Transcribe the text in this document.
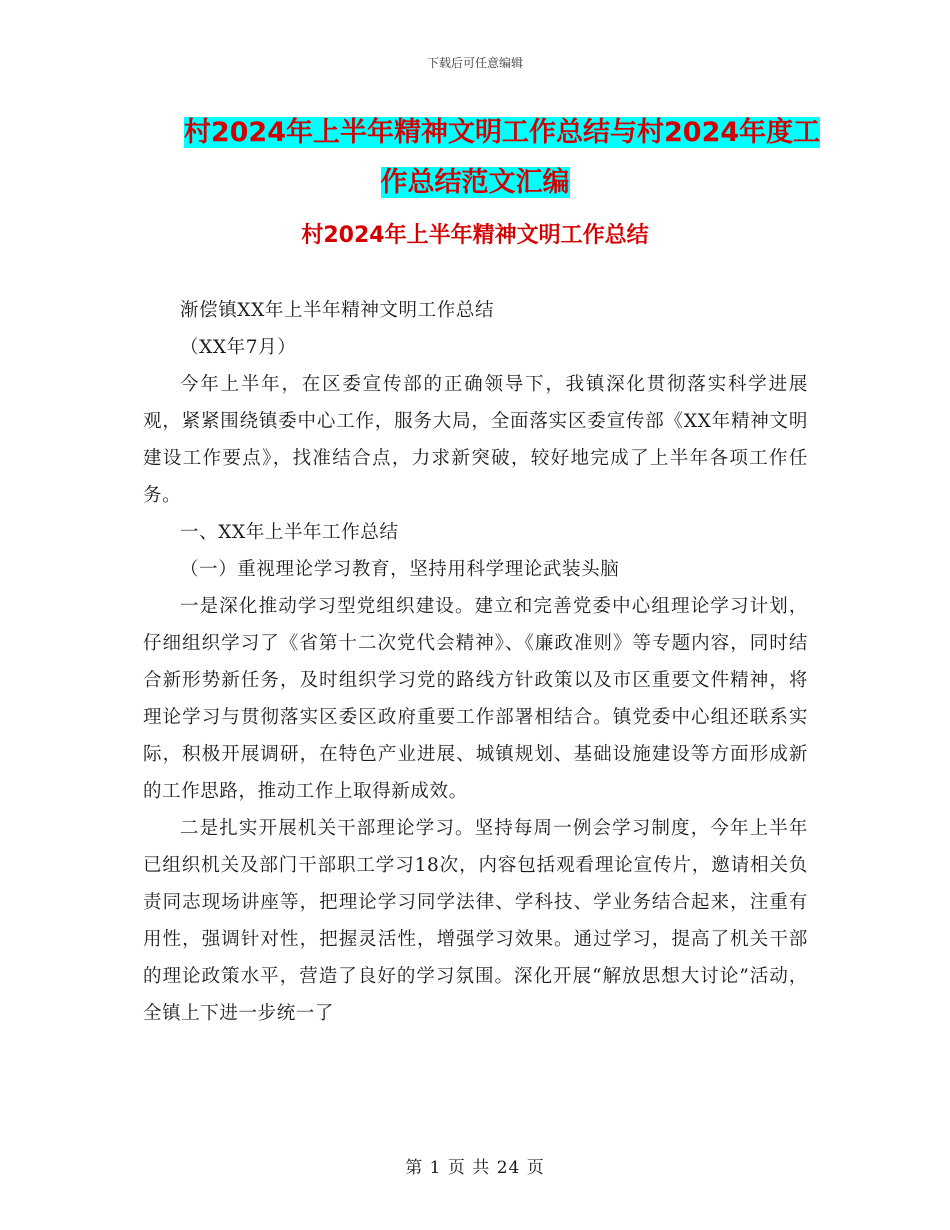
下载后可任意编辑
村2024年上半年精神文明工作总结与村2024年度工
作总结范文汇编
村2024年上半年精神文明工作总结

渐偿镇XX年上半年精神文明工作总结

（XX年7月）

今年上半年，在区委宣传部的正确领导下，我镇深化贯彻落实科学进展观，紧紧围绕镇委中心工作，服务大局，全面落实区委宣传部《XX年精神文明建设工作要点》，找准结合点，力求新突破，较好地完成了上半年各项工作任务。

一、XX年上半年工作总结

（一）重视理论学习教育，坚持用科学理论武装头脑

一是深化推动学习型党组织建设。建立和完善党委中心组理论学习计划，仔细组织学习了《省第十二次党代会精神》、《廉政准则》等专题内容，同时结合新形势新任务，及时组织学习党的路线方针政策以及市区重要文件精神，将理论学习与贯彻落实区委区政府重要工作部署相结合。镇党委中心组还联系实际，积极开展调研，在特色产业进展、城镇规划、基础设施建设等方面形成新的工作思路，推动工作上取得新成效。

二是扎实开展机关干部理论学习。坚持每周一例会学习制度，今年上半年已组织机关及部门干部职工学习18次，内容包括观看理论宣传片，邀请相关负责同志现场讲座等，把理论学习同学法律、学科技、学业务结合起来，注重有用性，强调针对性，把握灵活性，增强学习效果。通过学习，提高了机关干部的理论政策水平，营造了良好的学习氛围。深化开展“解放思想大讨论”活动，全镇上下进一步统一了

第 1 页 共 24 页
